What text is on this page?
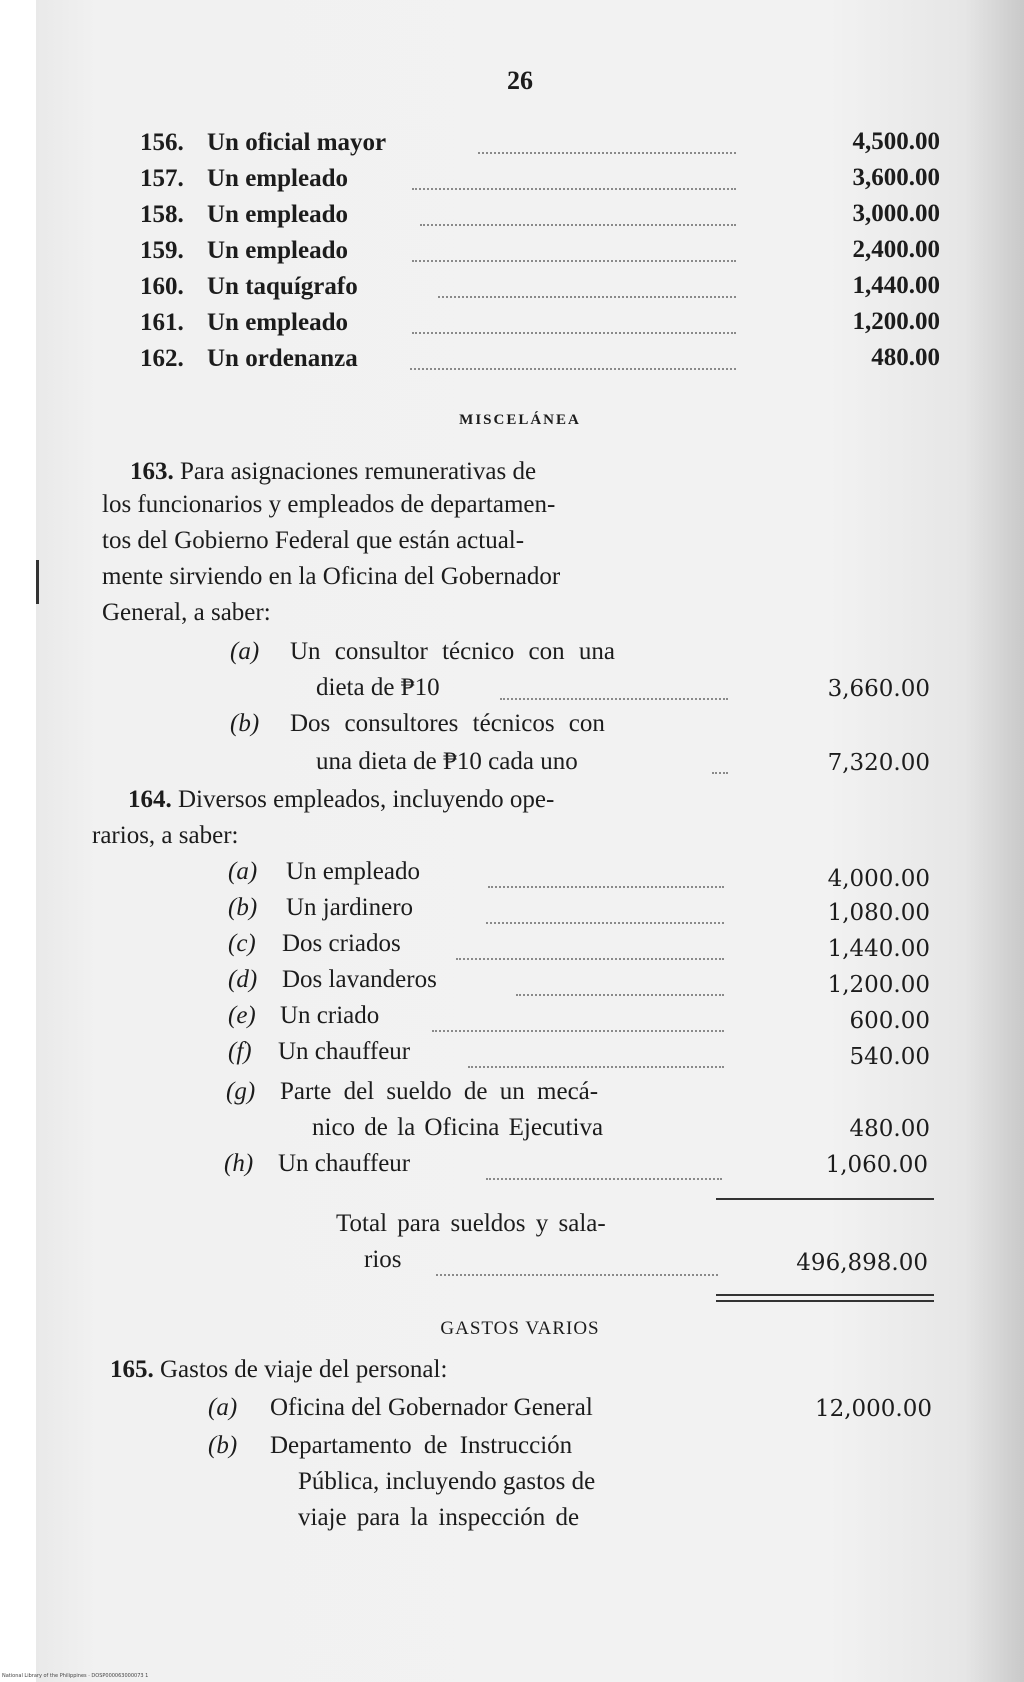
26
156. Un oficial mayor	4,500.00
157. Un empleado	3,600.00
158. Un empleado	3,000.00
159. Un empleado	2,400.00
160. Un taquígrafo	1,440.00
161. Un empleado	1,200.00
162. Un ordenanza	480.00
MISCELÁNEA
163. Para asignaciones remunerativas de
los funcionarios y empleados de departamen-
tos del Gobierno Federal que están actual-
mente sirviendo en la Oficina del Gobernador
General, a saber:
(a) Un consultor técnico con una
dieta de ₱10	3,660.00
(b) Dos consultores técnicos con
una dieta de ₱10 cada uno	7,320.00
164. Diversos empleados, incluyendo ope-
rarios, a saber:
(a) Un empleado	4,000.00
(b) Un jardinero	1,080.00
(c) Dos criados	1,440.00
(d) Dos lavanderos	1,200.00
(e) Un criado	600.00
(f) Un chauffeur	540.00
(g) Parte del sueldo de un mecá-
nico de la Oficina Ejecutiva	480.00
(h) Un chauffeur	1,060.00
Total para sueldos y sala-
rios	496,898.00
GASTOS VARIOS
165. Gastos de viaje del personal:
(a) Oficina del Gobernador General	12,000.00
(b) Departamento de Instrucción
Pública, incluyendo gastos de
viaje para la inspección de
National Library of the Philippines · DOSP000063000073 1
